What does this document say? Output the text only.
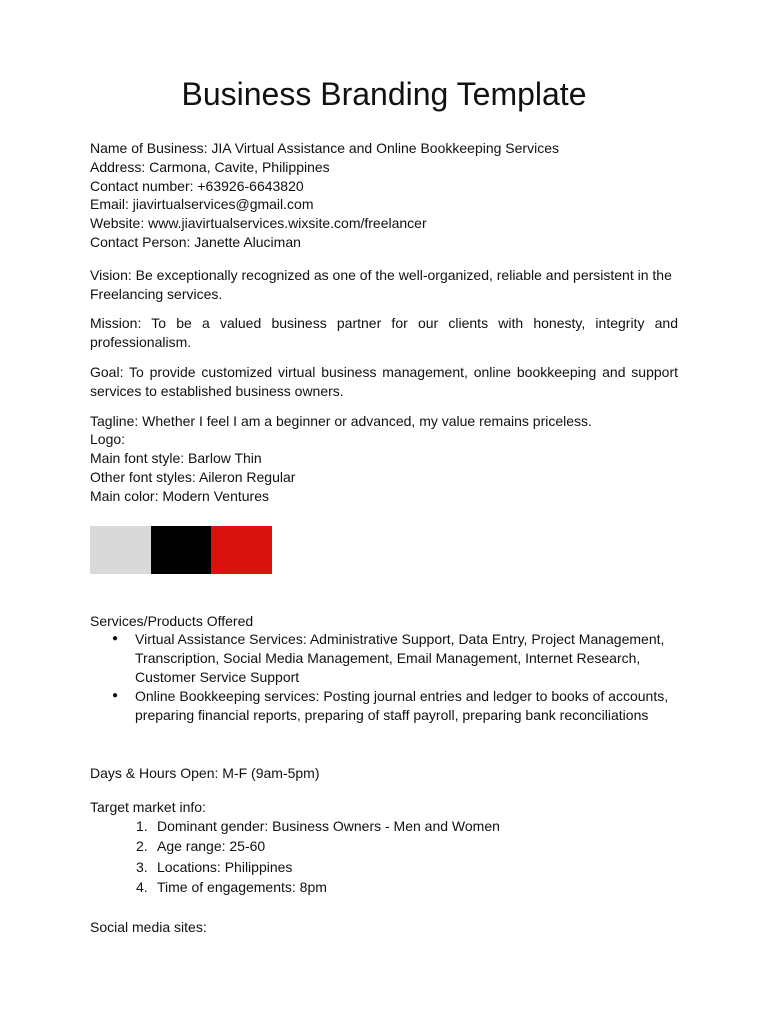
Business Branding Template

Name of Business: JIA Virtual Assistance and Online Bookkeeping Services

Address: Carmona, Cavite, Philippines

Contact number: +63926-6643820

Email: jiavirtualservices@gmail.com

Website: www.jiavirtualservices.wixsite.com/freelancer

Contact Person: Janette Aluciman

Vision: Be exceptionally recognized as one of the well-organized, reliable and persistent in the Freelancing services.

Mission: To be a valued business partner for our clients with honesty, integrity and professionalism.

Goal: To provide customized virtual business management, online bookkeeping and support services to established business owners.

Tagline: Whether I feel I am a beginner or advanced, my value remains priceless.

Logo:

Main font style: Barlow Thin

Other font styles: Aileron Regular

Main color: Modern Ventures

Services/Products Offered

● Virtual Assistance Services: Administrative Support, Data Entry, Project Management, Transcription, Social Media Management, Email Management, Internet Research, Customer Service Support
● Online Bookkeeping services: Posting journal entries and ledger to books of accounts, preparing financial reports, preparing of staff payroll, preparing bank reconciliations

Days & Hours Open: M-F (9am-5pm)

Target market info:

1. Dominant gender: Business Owners - Men and Women
2. Age range: 25-60
3. Locations: Philippines
4. Time of engagements: 8pm

Social media sites:
